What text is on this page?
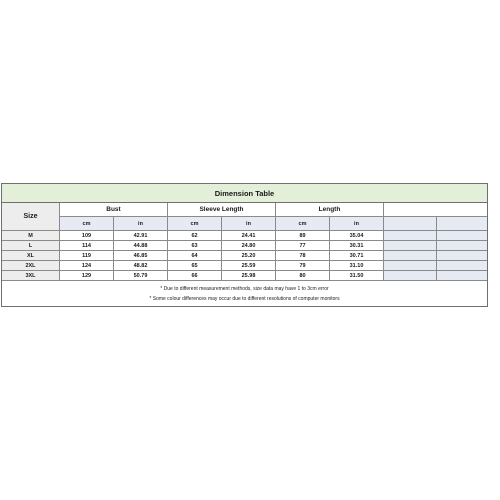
Dimension Table
Size
Bust
cm	in
Sleeve Length
cm	in
Length
cm	in
M	109	42.91	62	24.41	89	35.04
L	114	44.88	63	24.80	77	30.31
XL	119	46.85	64	25.20	78	30.71
2XL	124	48.82	65	25.59	79	31.10
3XL	129	50.79	66	25.98	80	31.50
* Due to different measurement methods, size data may have 1 to 3cm error
* Some colour differences may occur due to different resolutions of computer monitors
